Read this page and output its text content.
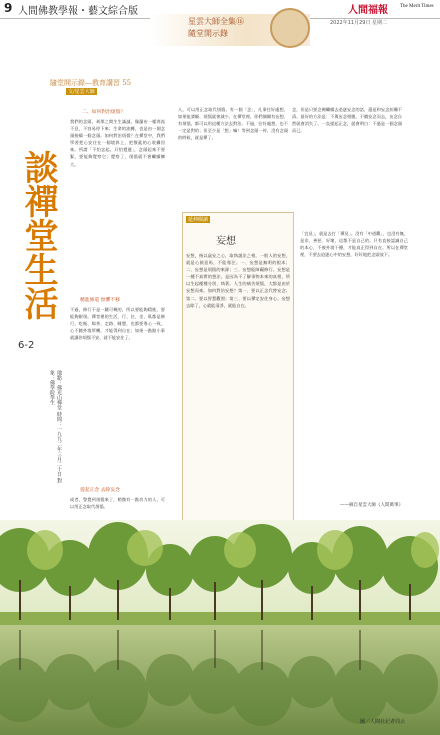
9 人間佛教學報・藝文綜合版
星雲大師全集⑯
隨堂開示錄
人間福報 The Merit Times
2022年11月29日 星期二
隨堂開示錄—教育講習 55
文/星雲大師
談禪堂生活
6-2
地點：佛光山禪堂 時間：一九九二年三月二十日 對象：佛學院學生
二、如何對治煩惱？
我們的念頭，剎那之間生生滅滅，像瀑布一樣奔流不息，不容易停下來；生命的流轉，也是由一個念頭接續一個念頭。如何對治煩惱？在禪堂中，我們學習把心安住在一個境界上，把散亂的心收攝回來。所謂「不怕念起，只怕覺遲」，念頭起來不要緊，要能夠覺察它；覺察了，煩惱就不會繼續擴大。
精進修道 無懼不移
不過，修行不是一蹴可幾的，所以要能夠精進，要能夠耐煩。禪堂裡的生活，行、住、坐、臥都是修行，吃飯、喝茶、走路、睡覺，也都要專心一致。心不隨外境所轉，才能得到自在；如果一點點小事就讓你煩惱不安，就不能安住了。
提起正念 去除妄念
或者，警覺到煩惱來了，稍微有一點功力的人，可以用正念取代煩惱。
人，可以用正念取代煩惱。有一個「念」，凡事往好處想，如果能發願、煩惱就會減少。在禪堂裡，你們偶爾有妄想、有煩惱，都可以用這種方法去對治。不過，往好處想，也不一定是對的；但至少是「想」嘛！等到念頭一停，沒有念頭的時候，就是禪了。
念，但是只要念佛繼續去追逐妄念的話，還是和妄念糾纏不清。最好的方法是：不與妄念相應，不隨妄念而去，妄念自然就會消失了。一直提起正念，就會明白：不過是一個念頭而已。
延伸閱讀
妄想
妄想，指以虛妄之心，取執諸法之相。一般人的妄想，就是心猿意馬，不能專注。一、妄想是無明的根本；二、妄想是煩惱的來源；三、妄想能障礙修行。妄想是一種不真實的想法，是因為不了解事物本來的真相，所以生起種種分別、執著。人生的痛苦煩惱，大都是由於妄想而來。如何對治妄想？第一、要以正念代替妄念；第二、要以智慧觀照；第三、要以禪定安住身心。妄想去除了，心就能清淨，就能自在。
「宜見」，就是去打「禪見」。沒有「中道觀」，也沒有無，是非、善惡、好壞，這都不是自己的。只有直接認識自己的本心，不被外境干擾，才能真正得到自在。所以在禪堂裡，不要去追逐心中的妄想，好好地把念頭放下。
——摘自星雲大師《人間萬事》
圖／人間社記者周云
